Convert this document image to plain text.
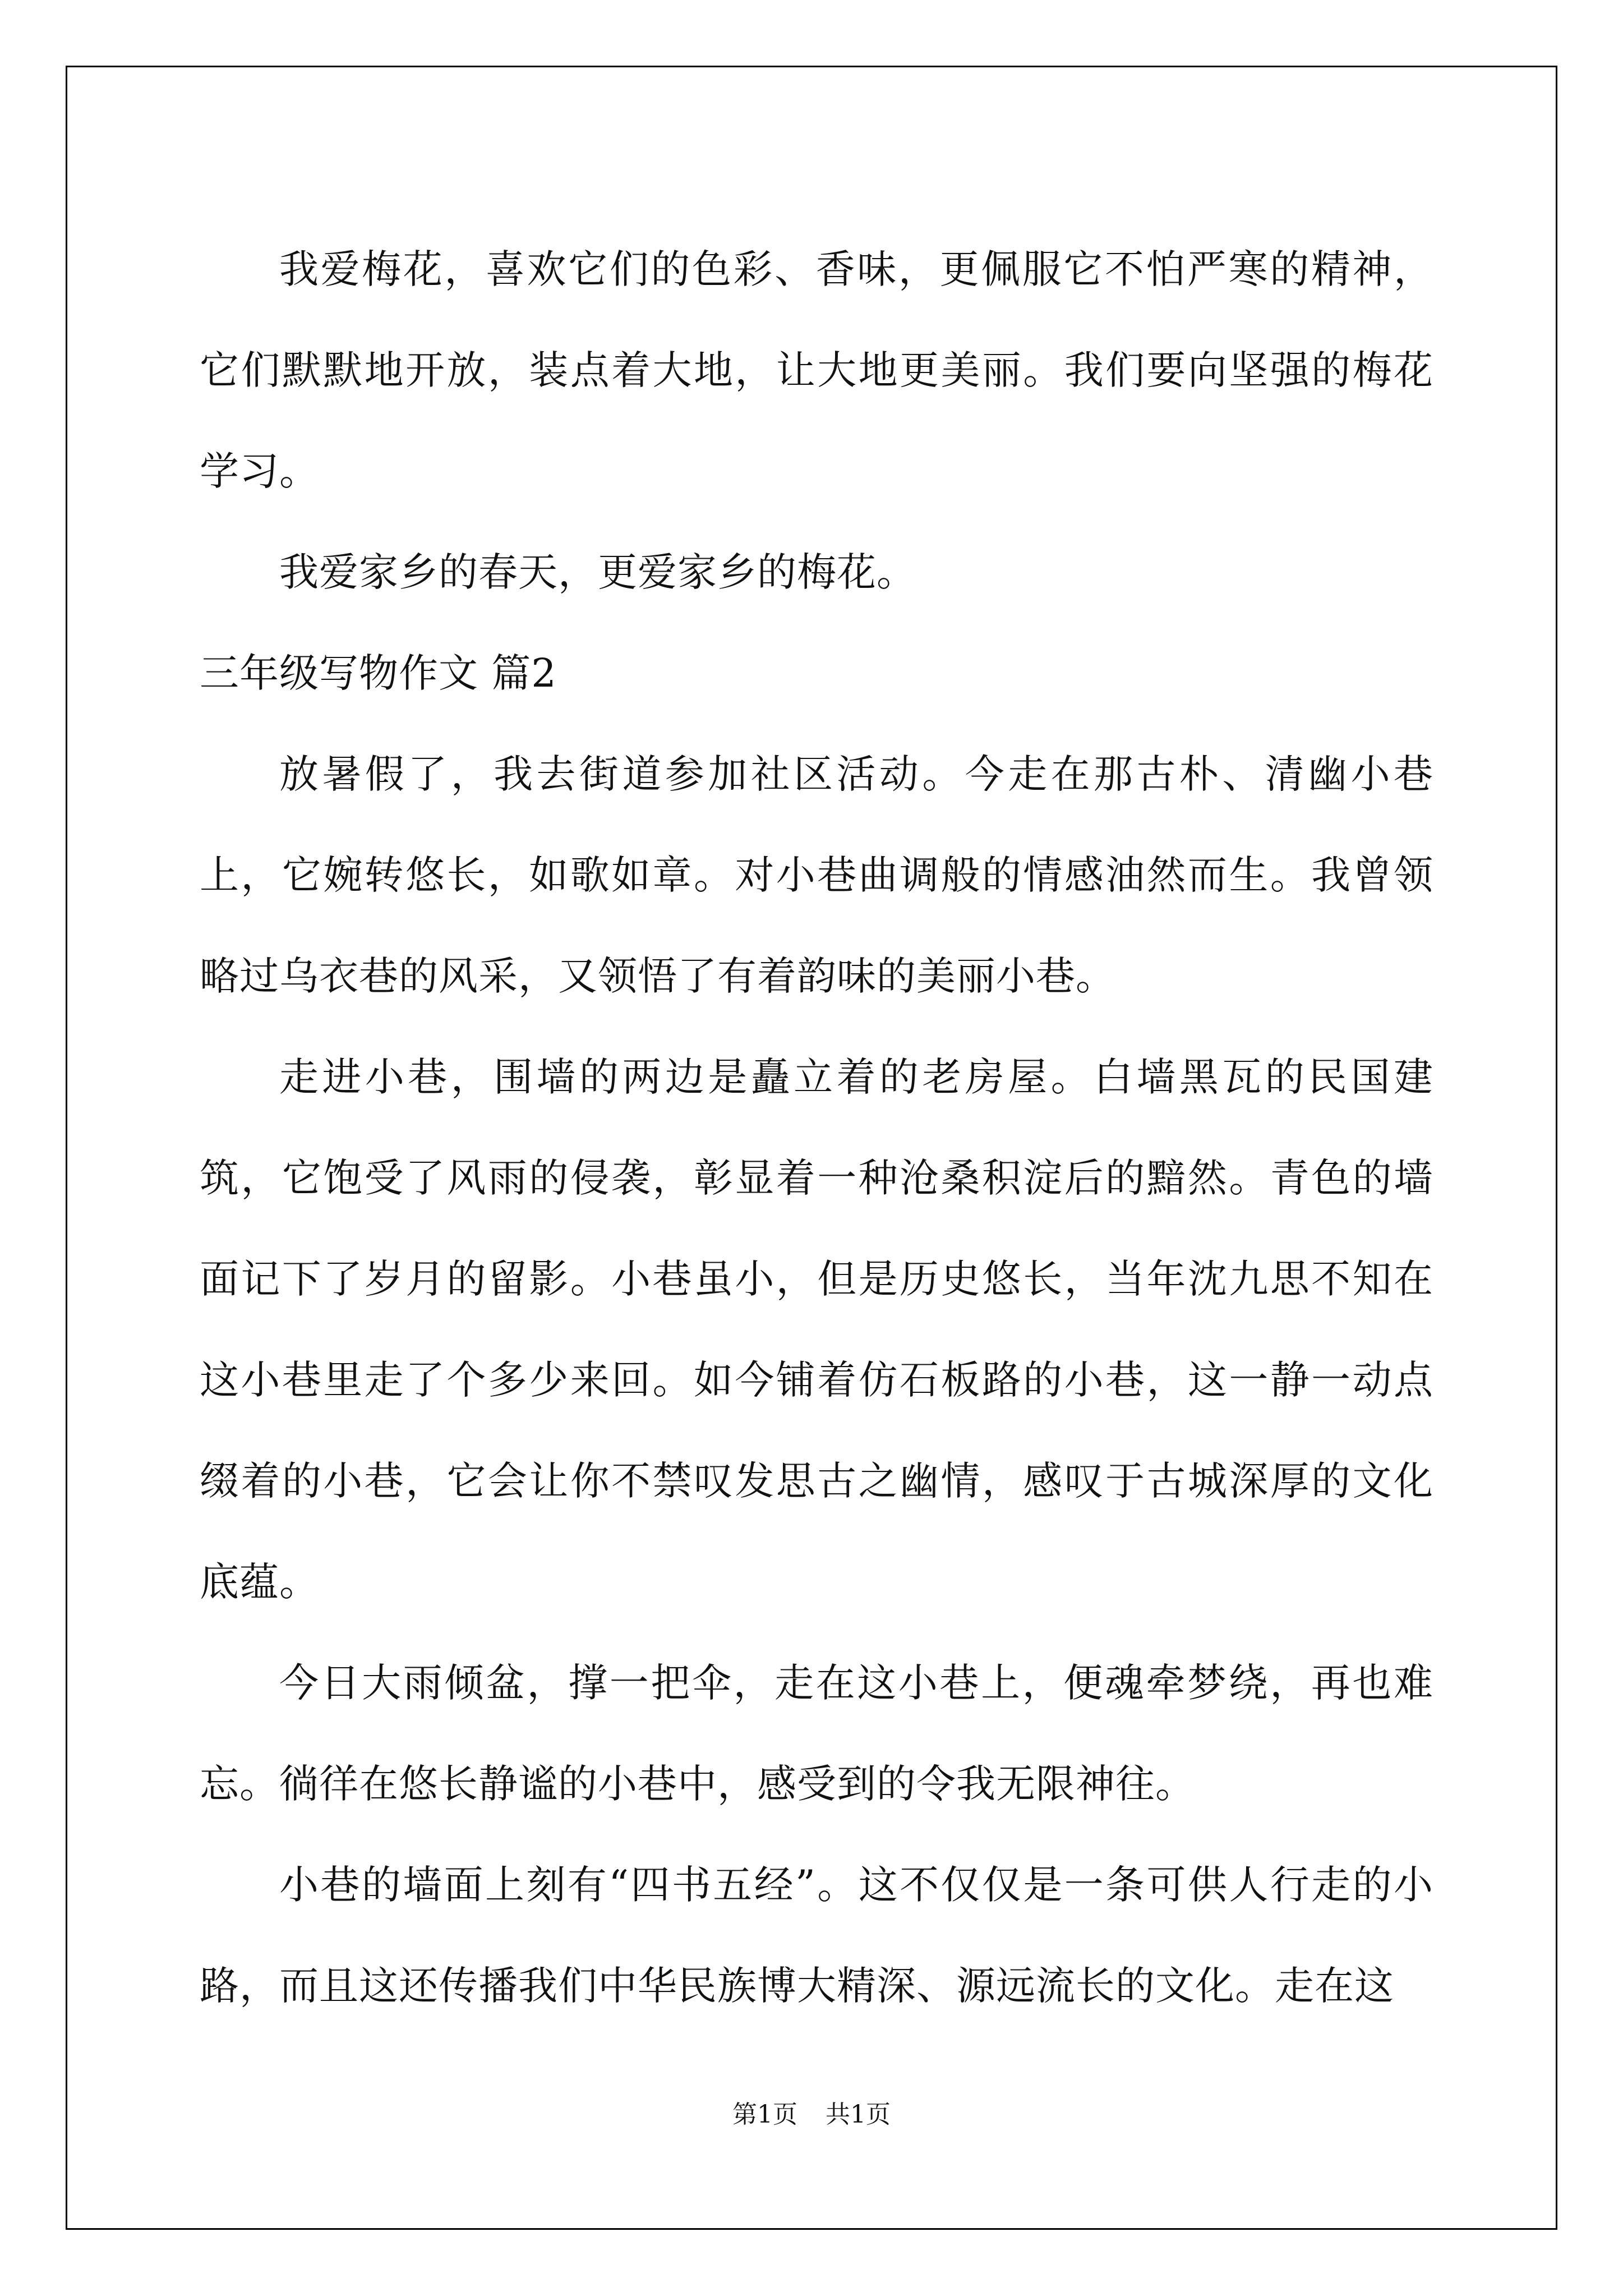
我爱梅花，喜欢它们的色彩、香味，更佩服它不怕严寒的精神，它们默默地开放，装点着大地，让大地更美丽。我们要向坚强的梅花学习。

我爱家乡的春天，更爱家乡的梅花。

三年级写物作文 篇2

放暑假了，我去街道参加社区活动。今走在那古朴、清幽小巷上，它婉转悠长，如歌如章。对小巷曲调般的情感油然而生。我曾领略过乌衣巷的风采，又领悟了有着韵味的美丽小巷。

走进小巷，围墙的两边是矗立着的老房屋。白墙黑瓦的民国建筑，它饱受了风雨的侵袭，彰显着一种沧桑积淀后的黯然。青色的墙面记下了岁月的留影。小巷虽小，但是历史悠长，当年沈九思不知在这小巷里走了个多少来回。如今铺着仿石板路的小巷，这一静一动点缀着的小巷，它会让你不禁叹发思古之幽情，感叹于古城深厚的文化底蕴。

今日大雨倾盆，撑一把伞，走在这小巷上，便魂牵梦绕，再也难忘。徜徉在悠长静谧的小巷中，感受到的令我无限神往。

小巷的墙面上刻有“四书五经”。这不仅仅是一条可供人行走的小路，而且这还传播我们中华民族博大精深、源远流长的文化。走在这

第1页 共1页
